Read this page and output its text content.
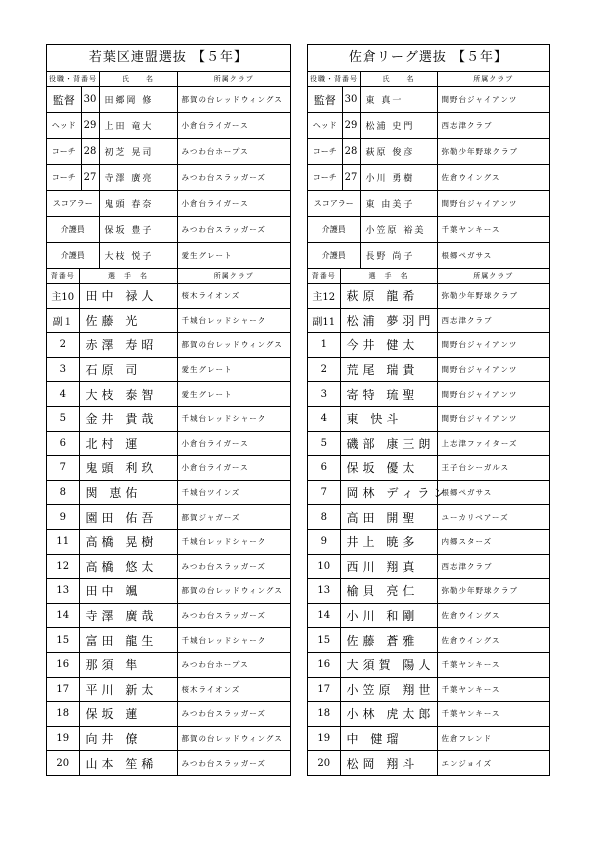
若葉区連盟選抜 【５年】
役職・背番号	氏　　名	所属クラブ

監督 30	田郷岡 修	都賀の台レッドウィングス

ヘッド 29	上田 竜大	小倉台ライガース

コーチ 28	初芝 晃司	みつわ台ホープス

コーチ 27	寺澤 廣亮	みつわ台スラッガーズ
スコアラー	鬼頭 春奈	小倉台ライガース
介護員	保坂 豊子	みつわ台スラッガーズ
介護員	大枝 悦子	愛生グレート
背番号	選　手　名	所属クラブ
主10	田中 禄人	桜木ライオンズ
副１	佐藤 光	千城台レッドシャーク
2	赤澤 寿昭	都賀の台レッドウィングス
3	石原 司	愛生グレート
4	大枝 泰智	愛生グレート
5	金井 貴哉	千城台レッドシャーク
6	北村 運	小倉台ライガース
7	鬼頭 利玖	小倉台ライガース
8	関 恵佑	千城台ツインズ
9	園田 佑吾	都賀ジャガーズ
11	高橋 晃樹	千城台レッドシャーク
12	高橋 悠太	みつわ台スラッガーズ
13	田中 颯	都賀の台レッドウィングス
14	寺澤 廣哉	みつわ台スラッガーズ
15	富田 龍生	千城台レッドシャーク
16	那須 隼	みつわ台ホープス
17	平川 新太	桜木ライオンズ
18	保坂 蓮	みつわ台スラッガーズ
19	向井 僚	都賀の台レッドウィングス
20	山本 笙稀	みつわ台スラッガーズ
佐倉リーグ選抜 【５年】
役職・背番号	氏　　名	所属クラブ

監督 30	東 真一	間野台ジャイアンツ

ヘッド 29	松浦 史門	西志津クラブ

コーチ 28	萩原 俊彦	弥勒少年野球クラブ

コーチ 27	小川 勇樹	佐倉ウイングス
スコアラー	東 由美子	間野台ジャイアンツ
介護員	小笠原 裕美	千葉ヤンキース
介護員	長野 尚子	根郷ペガサス
背番号	選　手　名	所属クラブ
主12	萩原 龍希	弥勒少年野球クラブ
副11	松浦 夢羽門	西志津クラブ
1	今井 健太	間野台ジャイアンツ
2	荒尾 瑞貴	間野台ジャイアンツ
3	寄特 琉聖	間野台ジャイアンツ
4	東 快斗	間野台ジャイアンツ
5	磯部 康三朗	上志津ファイターズ
6	保坂 優太	王子台シーガルス
7	岡林 ディラン	根郷ペガサス
8	高田 開聖	ユーカリベアーズ
9	井上 暁多	内郷スターズ
10	西川 翔真	西志津クラブ
13	榆貝 亮仁	弥勒少年野球クラブ
14	小川 和剛	佐倉ウイングス
15	佐藤 蒼雅	佐倉ウイングス
16	大須賀 陽人	千葉ヤンキース
17	小笠原 翔世	千葉ヤンキース
18	小林 虎太郎	千葉ヤンキース
19	中 健瑠	佐倉フレンド
20	松岡 翔斗	エンジョイズ
